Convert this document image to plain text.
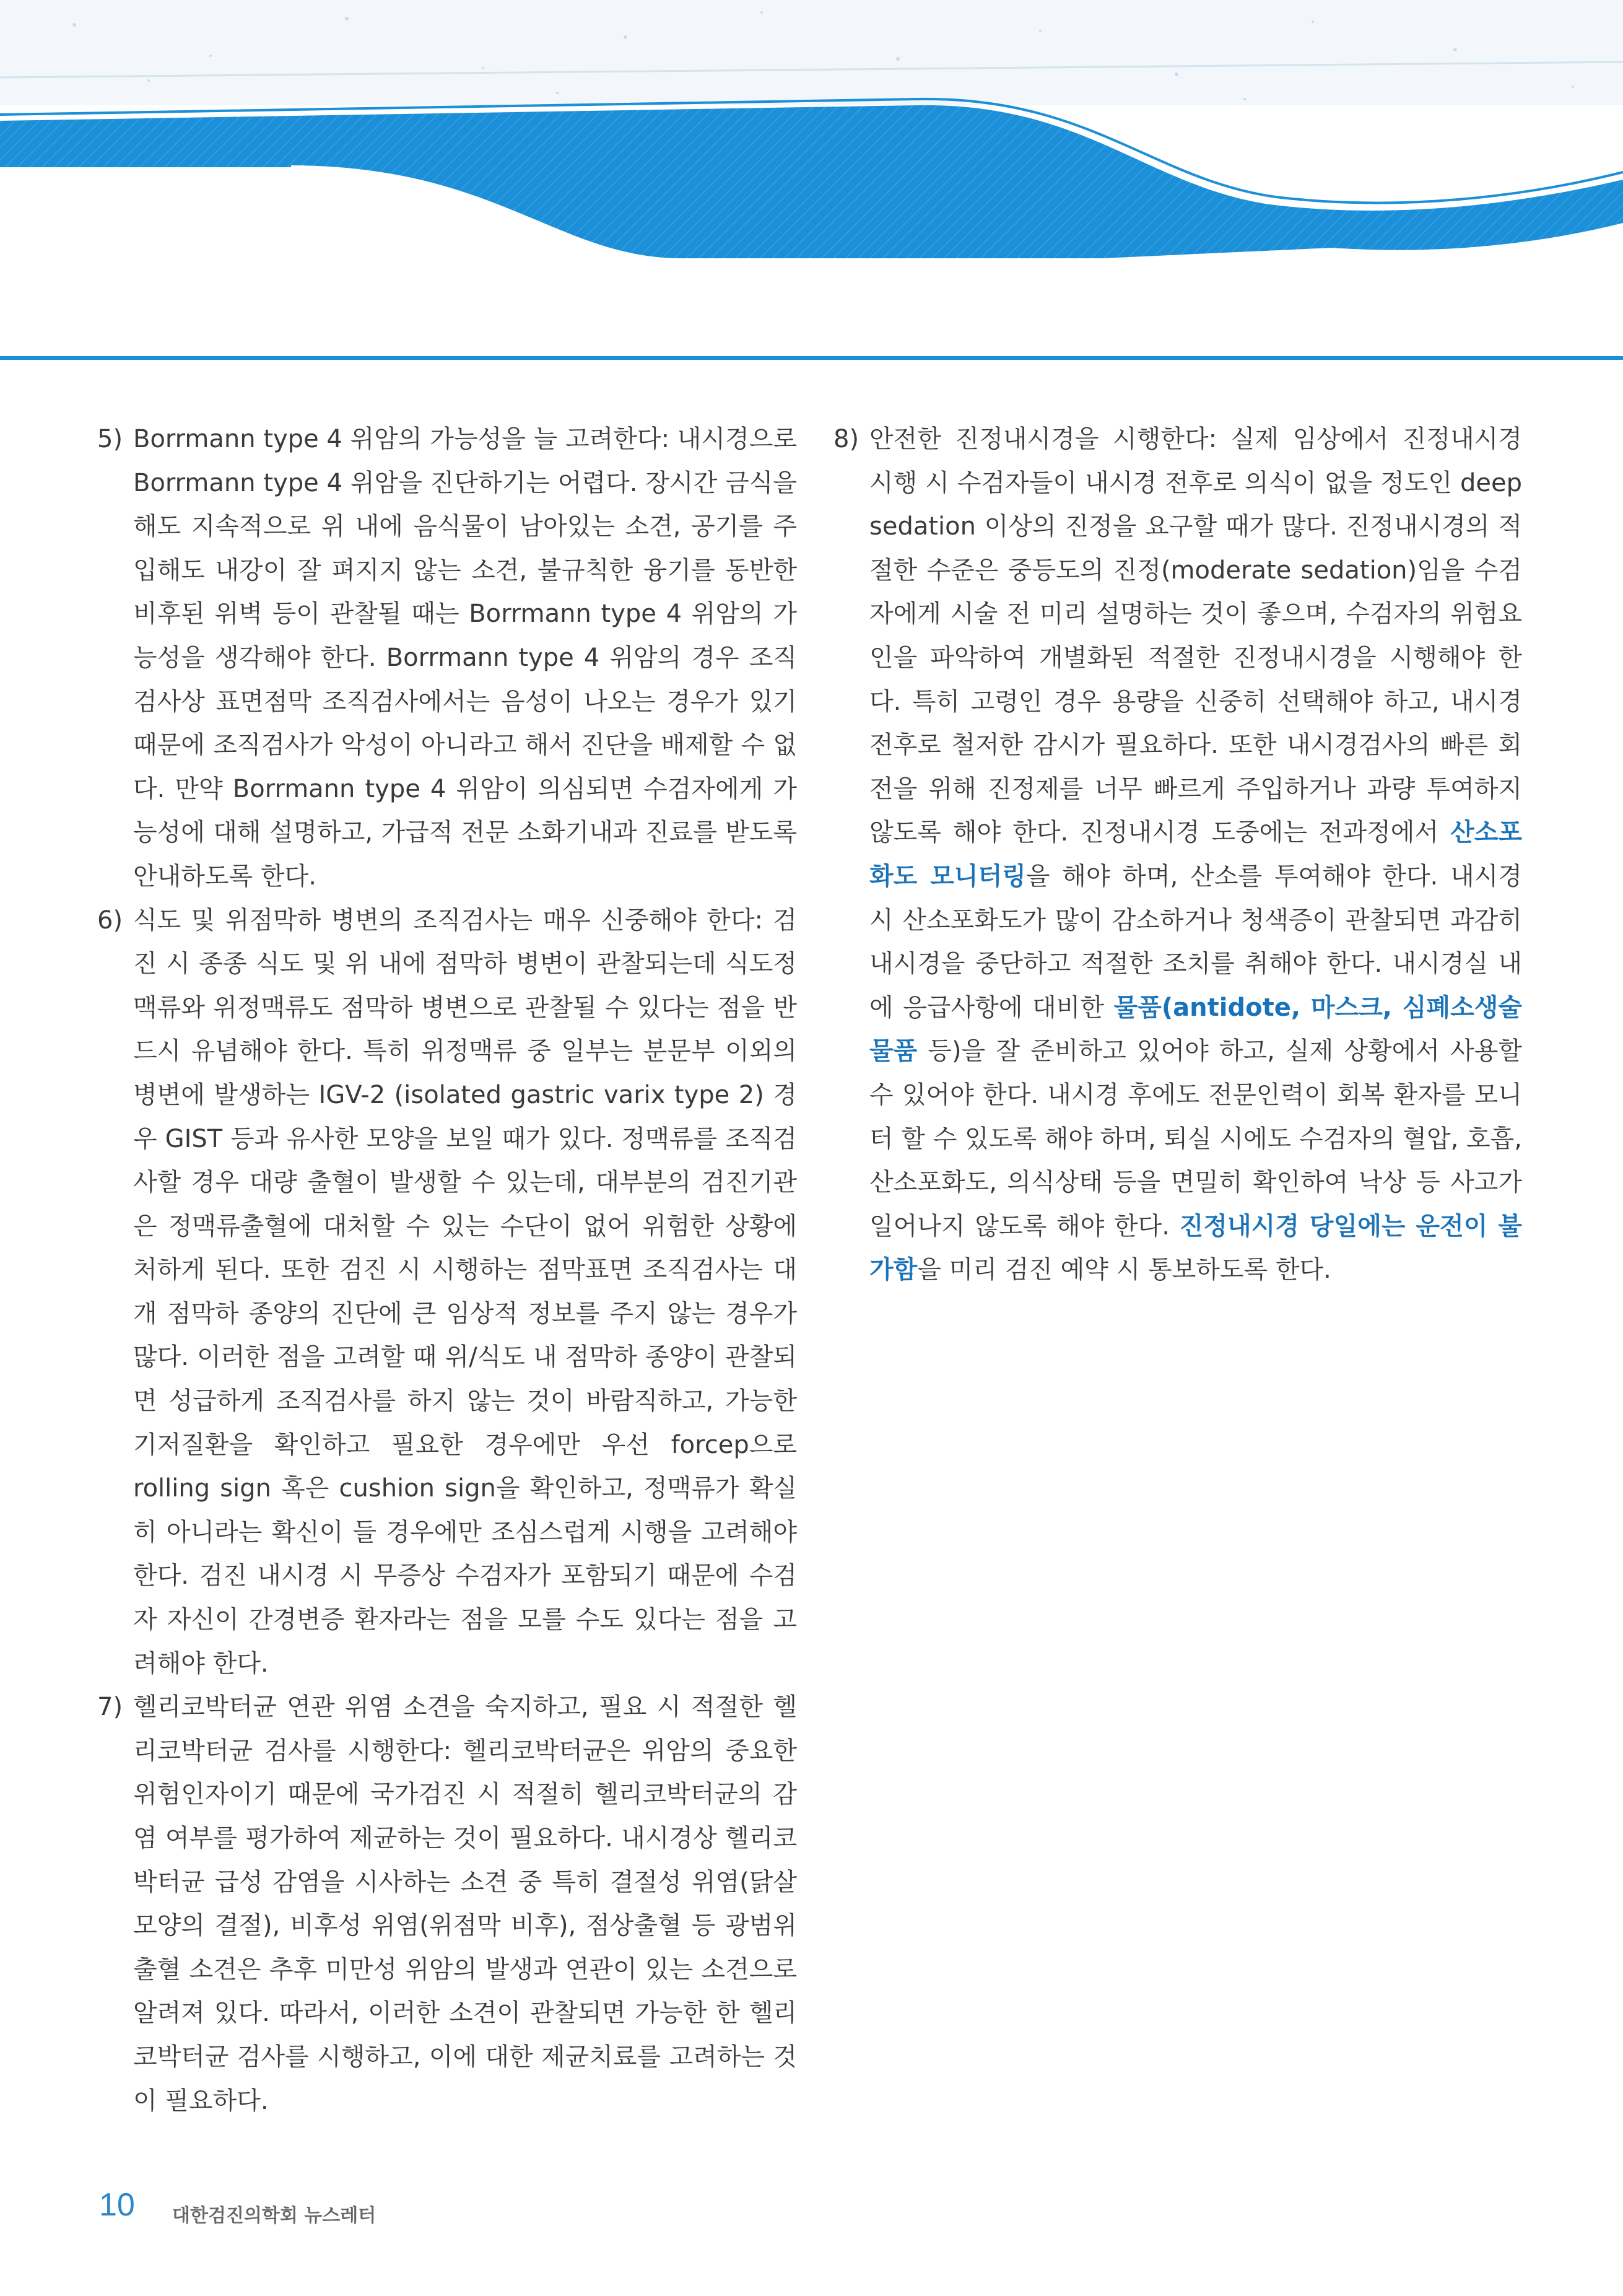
5) Borrmann type 4 위암의 가능성을 늘 고려한다: 내시경으로 Borrmann type 4 위암을 진단하기는 어렵다. 장시간 금식을 해도 지속적으로 위 내에 음식물이 남아있는 소견, 공기를 주입해도 내강이 잘 펴지지 않는 소견, 불규칙한 융기를 동반한 비후된 위벽 등이 관찰될 때는 Borrmann type 4 위암의 가능성을 생각해야 한다. Borrmann type 4 위암의 경우 조직검사상 표면점막 조직검사에서는 음성이 나오는 경우가 있기 때문에 조직검사가 악성이 아니라고 해서 진단을 배제할 수 없다. 만약 Borrmann type 4 위암이 의심되면 수검자에게 가능성에 대해 설명하고, 가급적 전문 소화기내과 진료를 받도록 안내하도록 한다.

6) 식도 및 위점막하 병변의 조직검사는 매우 신중해야 한다: 검진 시 종종 식도 및 위 내에 점막하 병변이 관찰되는데 식도정맥류와 위정맥류도 점막하 병변으로 관찰될 수 있다는 점을 반드시 유념해야 한다. 특히 위정맥류 중 일부는 분문부 이외의 병변에 발생하는 IGV-2 (isolated gastric varix type 2) 경우 GIST 등과 유사한 모양을 보일 때가 있다. 정맥류를 조직검사할 경우 대량 출혈이 발생할 수 있는데, 대부분의 검진기관은 정맥류출혈에 대처할 수 있는 수단이 없어 위험한 상황에 처하게 된다. 또한 검진 시 시행하는 점막표면 조직검사는 대개 점막하 종양의 진단에 큰 임상적 정보를 주지 않는 경우가 많다. 이러한 점을 고려할 때 위/식도 내 점막하 종양이 관찰되면 성급하게 조직검사를 하지 않는 것이 바람직하고, 가능한 기저질환을 확인하고 필요한 경우에만 우선 forcep으로 rolling sign 혹은 cushion sign을 확인하고, 정맥류가 확실히 아니라는 확신이 들 경우에만 조심스럽게 시행을 고려해야 한다. 검진 내시경 시 무증상 수검자가 포함되기 때문에 수검자 자신이 간경변증 환자라는 점을 모를 수도 있다는 점을 고려해야 한다.

7) 헬리코박터균 연관 위염 소견을 숙지하고, 필요 시 적절한 헬리코박터균 검사를 시행한다: 헬리코박터균은 위암의 중요한 위험인자이기 때문에 국가검진 시 적절히 헬리코박터균의 감염 여부를 평가하여 제균하는 것이 필요하다. 내시경상 헬리코박터균 급성 감염을 시사하는 소견 중 특히 결절성 위염(닭살 모양의 결절), 비후성 위염(위점막 비후), 점상출혈 등 광범위 출혈 소견은 추후 미만성 위암의 발생과 연관이 있는 소견으로 알려져 있다. 따라서, 이러한 소견이 관찰되면 가능한 한 헬리코박터균 검사를 시행하고, 이에 대한 제균치료를 고려하는 것이 필요하다.

8) 안전한 진정내시경을 시행한다: 실제 임상에서 진정내시경 시행 시 수검자들이 내시경 전후로 의식이 없을 정도인 deep sedation 이상의 진정을 요구할 때가 많다. 진정내시경의 적절한 수준은 중등도의 진정(moderate sedation)임을 수검자에게 시술 전 미리 설명하는 것이 좋으며, 수검자의 위험요인을 파악하여 개별화된 적절한 진정내시경을 시행해야 한다. 특히 고령인 경우 용량을 신중히 선택해야 하고, 내시경 전후로 철저한 감시가 필요하다. 또한 내시경검사의 빠른 회전을 위해 진정제를 너무 빠르게 주입하거나 과량 투여하지 않도록 해야 한다. 진정내시경 도중에는 전과정에서 산소포화도 모니터링을 해야 하며, 산소를 투여해야 한다. 내시경 시 산소포화도가 많이 감소하거나 청색증이 관찰되면 과감히 내시경을 중단하고 적절한 조치를 취해야 한다. 내시경실 내에 응급사항에 대비한 물품(antidote, 마스크, 심폐소생술 물품 등)을 잘 준비하고 있어야 하고, 실제 상황에서 사용할 수 있어야 한다. 내시경 후에도 전문인력이 회복 환자를 모니터 할 수 있도록 해야 하며, 퇴실 시에도 수검자의 혈압, 호흡, 산소포화도, 의식상태 등을 면밀히 확인하여 낙상 등 사고가 일어나지 않도록 해야 한다. 진정내시경 당일에는 운전이 불가함을 미리 검진 예약 시 통보하도록 한다.

10 대한검진의학회 뉴스레터
